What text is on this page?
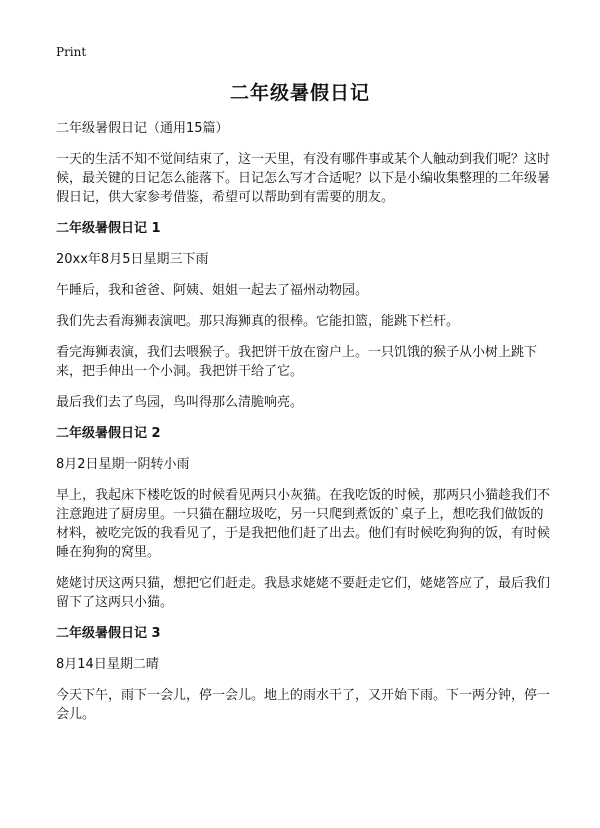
Print
二年级暑假日记

二年级暑假日记（通用15篇）

一天的生活不知不觉间结束了，这一天里，有没有哪件事或某个人触动到我们呢？这时候，最关键的日记怎么能落下。日记怎么写才合适呢？以下是小编收集整理的二年级暑假日记，供大家参考借鉴，希望可以帮助到有需要的朋友。

二年级暑假日记 1

20xx年8月5日星期三下雨

午睡后，我和爸爸、阿姨、姐姐一起去了福州动物园。

我们先去看海狮表演吧。那只海狮真的很棒。它能扣篮，能跳下栏杆。

看完海狮表演，我们去喂猴子。我把饼干放在窗户上。一只饥饿的猴子从小树上跳下来，把手伸出一个小洞。我把饼干给了它。

最后我们去了鸟园，鸟叫得那么清脆响亮。

二年级暑假日记 2

8月2日星期一阴转小雨

早上，我起床下楼吃饭的时候看见两只小灰猫。在我吃饭的时候，那两只小猫趁我们不注意跑进了厨房里。一只猫在翻垃圾吃，另一只爬到煮饭的`桌子上，想吃我们做饭的材料，被吃完饭的我看见了，于是我把他们赶了出去。他们有时候吃狗狗的饭，有时候睡在狗狗的窝里。

姥姥讨厌这两只猫，想把它们赶走。我恳求姥姥不要赶走它们，姥姥答应了，最后我们留下了这两只小猫。

二年级暑假日记 3

8月14日星期二晴

今天下午，雨下一会儿，停一会儿。地上的雨水干了，又开始下雨。下一两分钟，停一会儿。
